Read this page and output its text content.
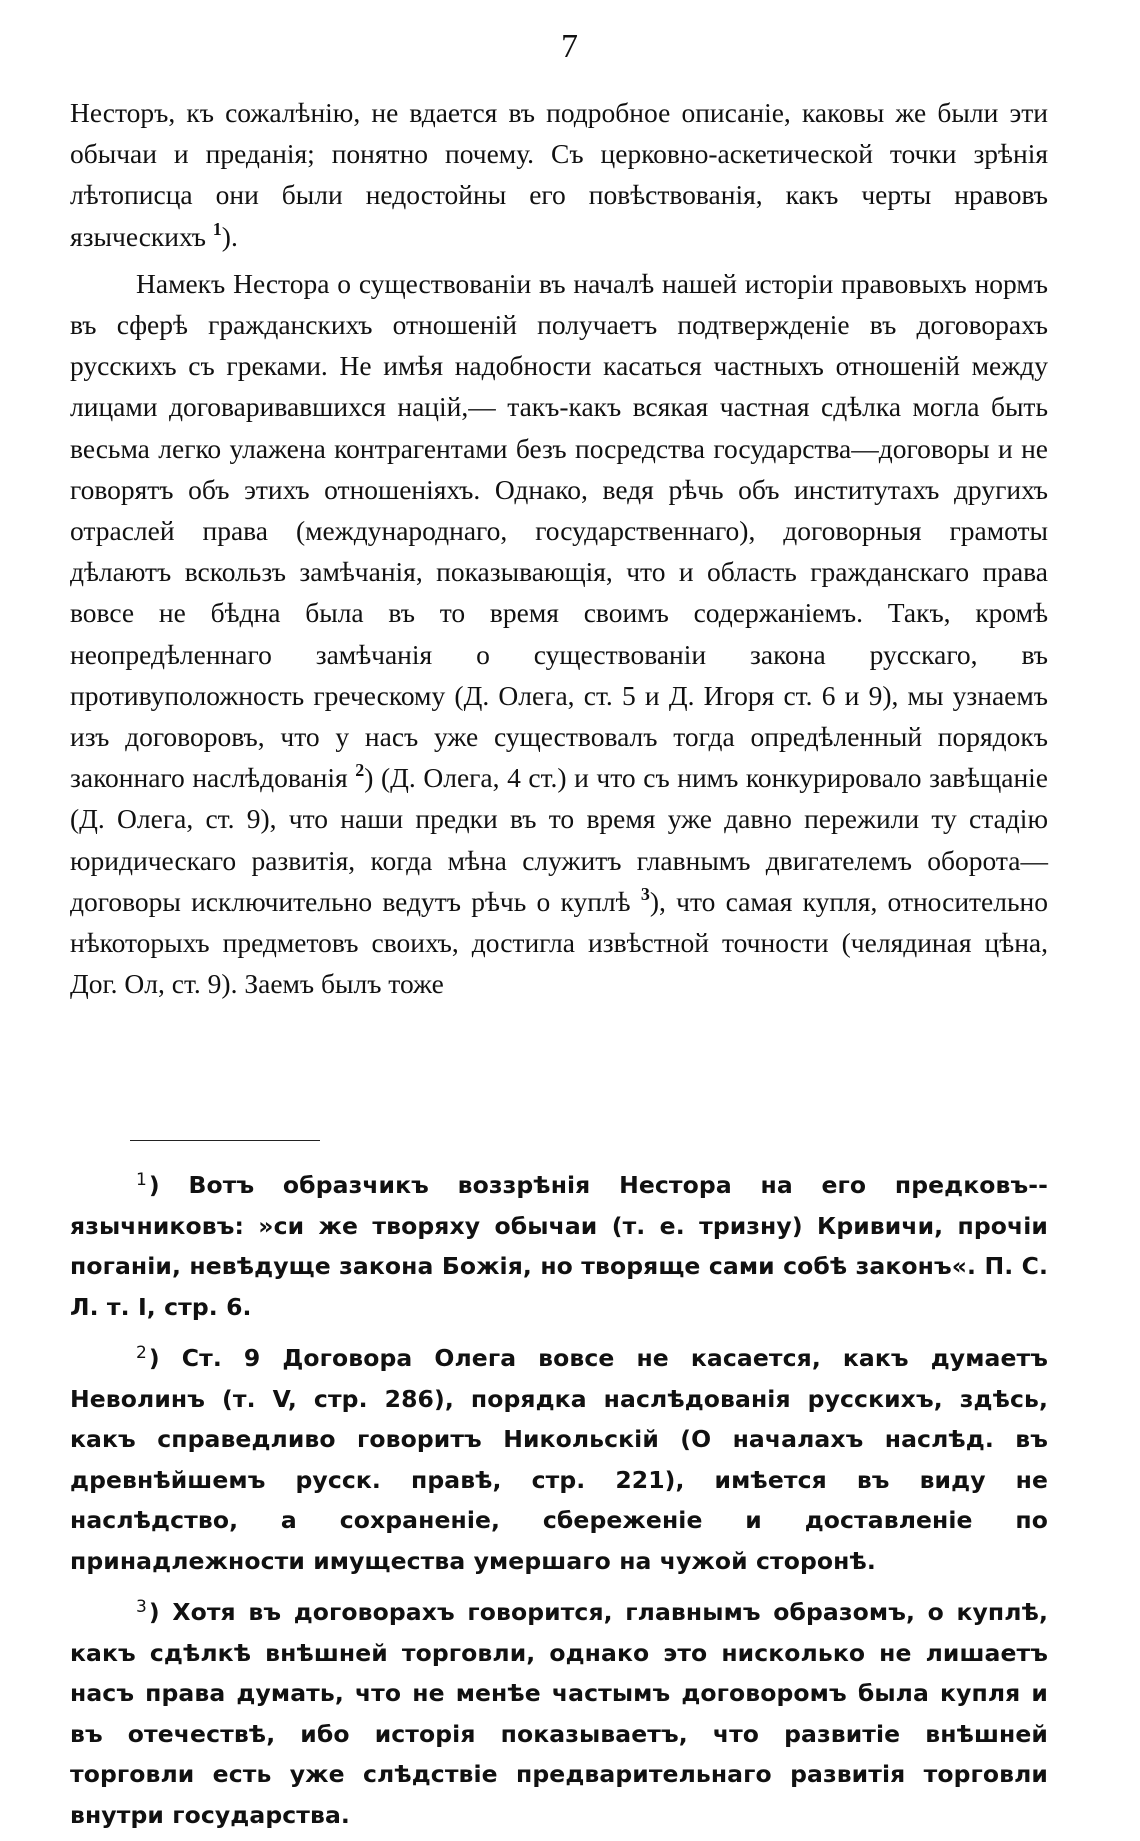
7

Несторъ, къ сожалѣнію, не вдается въ подробное описаніе, каковы же были эти обычаи и преданія; понятно почему. Съ церковно-аскетической точки зрѣнія лѣтописца они были недостойны его повѣствованія, какъ черты нравовъ языческихъ $^1$).

Намекъ Нестора о существованіи въ началѣ нашей исторіи правовыхъ нормъ въ сферѣ гражданскихъ отношеній получаетъ подтвержденіе въ договорахъ русскихъ съ греками. Не имѣя надобности касаться частныхъ отношеній между лицами договаривавшихся націй,— такъ-какъ всякая частная сдѣлка могла быть весьма легко улажена контрагентами безъ посредства государства—договоры и не говорятъ объ этихъ отношеніяхъ. Однако, ведя рѣчь объ институтахъ другихъ отраслей права (международнаго, государственнаго), договорныя грамоты дѣлаютъ вскользъ замѣчанія, показывающія, что и область гражданскаго права вовсе не бѣдна была въ то время своимъ содержаніемъ. Такъ, кромѣ неопредѣленнаго замѣчанія о существованіи закона русскаго, въ противуположность греческому (Д. Олега, ст. 5 и Д. Игоря ст. 6 и 9), мы узнаемъ изъ договоровъ, что у насъ уже существовалъ тогда опредѣленный порядокъ законнаго наслѣдованія $^2$) (Д. Олега, 4 ст.) и что съ нимъ конкурировало завѣщаніе (Д. Олега, ст. 9), что наши предки въ то время уже давно пережили ту стадію юридическаго развитія, когда мѣна служитъ главнымъ двигателемъ оборота—договоры исключительно ведутъ рѣчь о куплѣ $^3$), что самая купля, относительно нѣкоторыхъ предметовъ своихъ, достигла извѣстной точности (челядиная цѣна, Дог. Ол, ст. 9). Заемъ былъ тоже

$^1$) Вотъ образчикъ воззрѣнія Нестора на его предковъ--язычниковъ: »си же творяху обычаи (т. е. тризну) Кривичи, прочіи поганіи, невѣдуще закона Божія, но творяще сами собѣ законъ«. П. С. Л. т. I, стр. 6.

$^2$) Ст. 9 Договора Олега вовсе не касается, какъ думаетъ Неволинъ (т. V, стр. 286), порядка наслѣдованія русскихъ, здѣсь, какъ справедливо говоритъ Никольскій (О началахъ наслѣд. въ древнѣйшемъ русск. правѣ, стр. 221), имѣется въ виду не наслѣдство, а сохраненіе, сбереженіе и доставленіе по принадлежности имущества умершаго на чужой сторонѣ.

$^3$) Хотя въ договорахъ говорится, главнымъ образомъ, о куплѣ, какъ сдѣлкѣ внѣшней торговли, однако это нисколько не лишаетъ насъ права думать, что не менѣе частымъ договоромъ была купля и въ отечествѣ, ибо исторія показываетъ, что развитіе внѣшней торговли есть уже слѣдствіе предварительнаго развитія торговли внутри государства.
